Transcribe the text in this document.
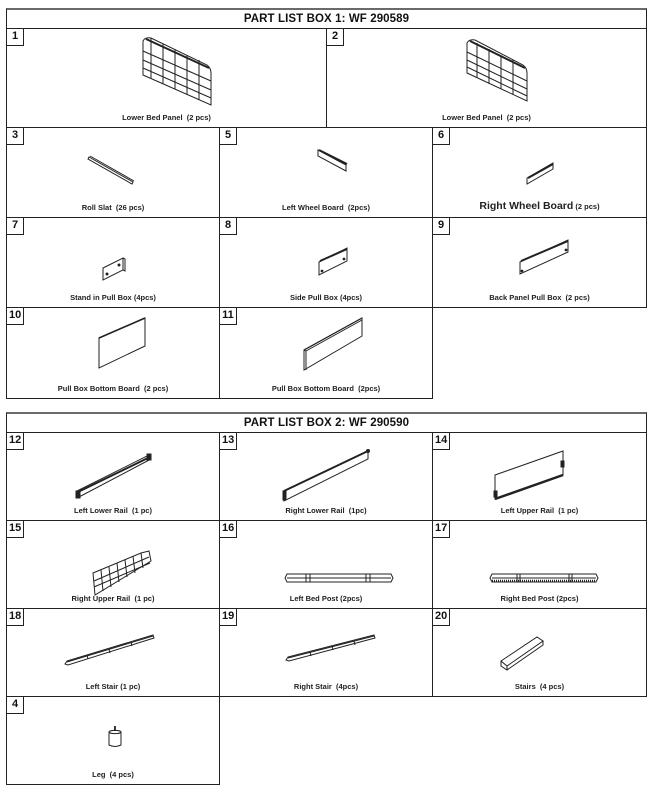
PART LIST BOX 1: WF 290589
1
Lower Bed Panel (2 pcs)
2
Lower Bed Panel (2 pcs)
3
Roll Slat (26 pcs)
5
Left Wheel Board (2pcs)
6
Right Wheel Board (2 pcs)
7
Stand in Pull Box (4pcs)
8
Side Pull Box (4pcs)
9
Back Panel Pull Box (2 pcs)
10
Pull Box Bottom Board (2 pcs)
11
Pull Box Bottom Board (2pcs)
PART LIST BOX 2: WF 290590
12
Left Lower Rail (1 pc)
13
Right Lower Rail (1pc)
14
Left Upper Rail (1 pc)
15
Right Upper Rail (1 pc)
16
Left Bed Post (2pcs)
17
Right Bed Post (2pcs)
18
Left Stair (1 pc)
19
Right Stair (4pcs)
20
Stairs (4 pcs)
4
Leg (4 pcs)
